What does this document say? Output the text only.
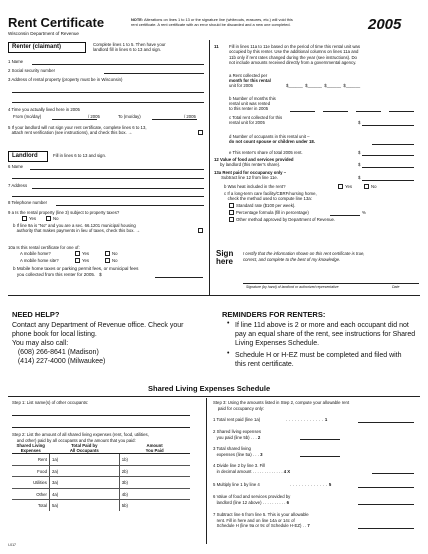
Rent Certificate
Wisconsin Department of Revenue
NOTE: Alterations on lines 1 to 13 or the signature line (whiteouts, erasures, etc.) will void this
rent certificate. A rent certificate with an error should be discarded and a new one completed.	2005
Renter (claimant)	Complete lines 1 to 5. Then have your
landlord fill in lines 6 to 13 and sign.
1 Name
2 Social security number
3 Address of rental property (property must be in Wisconsin)
4 Time you actually lived here in 2005
From (mo/day)	/ 2005	To (mo/day)	/ 2005
5 If your landlord will not sign your rent certificate, complete lines 6 to 13,
attach rent verification (see instructions), and check this box. →
Landlord	Fill in lines 6 to 13 and sign.
6 Name
7 Address
8 Telephone number
9 a Is the rental property (line 3) subject to property taxes?
Yes	No
b If line 9a is "No" and you are a sec. 66.1201 municipal housing
authority that makes payments in lieu of taxes, check this box. →
10a Is this rental certificate for one of:
A mobile home?	Yes	No
A mobile home site?	Yes	No
b Mobile home taxes or parking permit fees, or municipal fees
you collected from this renter for 2005. $
11 Fill in lines 11a to 11e based on the period of time this rental unit was
occupied by this renter. Use the additional columns on lines 11a and
11b only if rent rates changed during the year (see instructions). Do
not include amounts received directly from a governmental agency.
a Rent collected per
month for this rental
unit for 2005	$______  $______  $______  $______
b Number of months this
rental unit was rented
to this renter in 2005
c Total rent collected for this
rental unit for 2005	$
d Number of occupants in this rental unit –
do not count spouse or children under 18.
e This renter's share of total 2005 rent.	$
12 Value of food and services provided
by landlord (this renter's share).	$
13a Rent paid for occupancy only –
Subtract line 12 from line 11e.	$
b Was heat included in the rent?	Yes	No
c If a long-term care facility/CBRF/nursing home,
check the method used to compute line 13a:
Standard rate ($100 per week).
Percentage formula (fill in percentage)	%
Other method approved by Department of Revenue.
Sign
here
I certify that the information shown on this rent certificate is true,
correct, and complete to the best of my knowledge.
Signature (by hand) of landlord or authorized representative	Date
NEED HELP?
Contact any Department of Revenue office. Check your
phone book for local listing.
You may also call:
(608) 266-8641 (Madison)
(414) 227-4000 (Milwaukee)
REMINDERS FOR RENTERS:
• If line 11d above is 2 or more and each occupant did not
pay an equal share of the rent, see instructions for Shared
Living Expenses Schedule.
• Schedule H or H-EZ must be completed and filed with
this rent certificate.
Shared Living Expenses Schedule
Step 1: List name(s) of other occupants:
Step 2: List the amount of all shared living expenses (rent, food, utilities,
and other) paid by all occupants and the amount that you paid:
Shared Living
Expenses	Total Paid by
All Occupants	Amount
You Paid
Rent	1a)	1b)
Food	2a)	2b)
Utilities	3a)	3b)
Other	4a)	4b)
Total	5a)	5b)
Step 3: Using the amounts listed in Step 2, compute your allowable rent
paid for occupancy only:
1 Total rent paid (line 1a)	. . . . . . . . . . . . . 1
2 Shared living expenses
you paid (line 5b) . . . 2
3 Total shared living
expenses (line 5a) . . . 3
4 Divide line 2 by line 3. Fill
in decimal amount . . . . . . . . . . . . . 4 X
5 Multiply line 1 by line 4	. . . . . . . . . . . . . 5
6 Value of food and services provided by
landlord (line 12 above) . . . . . . . . . . 6
7 Subtract line 6 from line 5. This is your allowable
rent. Fill in here and on line 14a or 14c of
Schedule H (line 9a or 9c of Schedule H-EZ) . . 7
I-017
